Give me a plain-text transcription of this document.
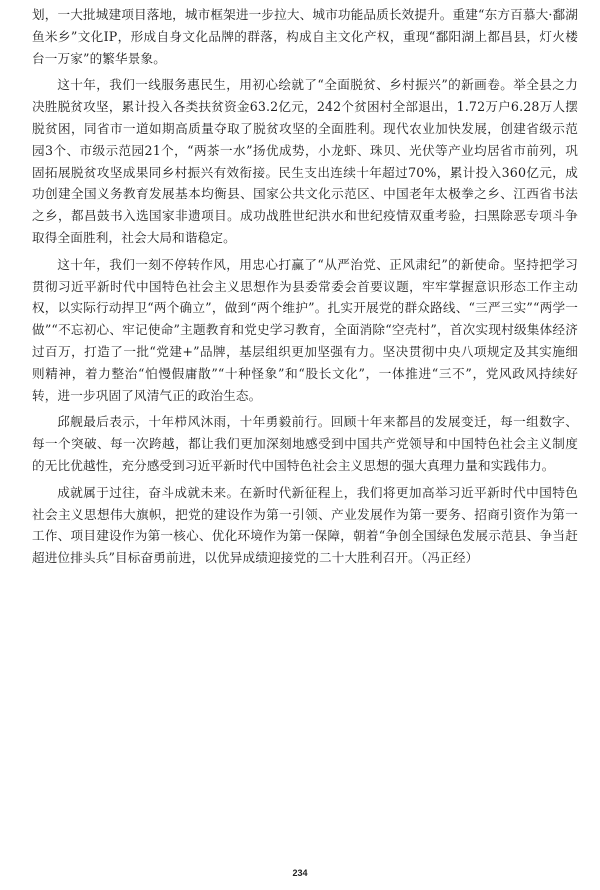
划，一大批城建项目落地，城市框架进一步拉大、城市功能品质长效提升。重建“东方百慕大·鄱湖鱼米乡”文化IP，形成自身文化品牌的群落，构成自主文化产权，重现“鄱阳湖上都昌县，灯火楼台一万家”的繁华景象。

这十年，我们一线服务惠民生，用初心绘就了“全面脱贫、乡村振兴”的新画卷。举全县之力决胜脱贫攻坚，累计投入各类扶贫资金63.2亿元，242个贫困村全部退出，1.72万户6.28万人摆脱贫困，同省市一道如期高质量夺取了脱贫攻坚的全面胜利。现代农业加快发展，创建省级示范园3个、市级示范园21个，“两茶一水”扬优成势，小龙虾、珠贝、光伏等产业均居省市前列，巩固拓展脱贫攻坚成果同乡村振兴有效衔接。民生支出连续十年超过70%，累计投入360亿元，成功创建全国义务教育发展基本均衡县、国家公共文化示范区、中国老年太极拳之乡、江西省书法之乡，都昌鼓书入选国家非遗项目。成功战胜世纪洪水和世纪疫情双重考验，扫黑除恶专项斗争取得全面胜利，社会大局和谐稳定。

这十年，我们一刻不停转作风，用忠心打赢了“从严治党、正风肃纪”的新使命。坚持把学习贯彻习近平新时代中国特色社会主义思想作为县委常委会首要议题，牢牢掌握意识形态工作主动权，以实际行动捍卫“两个确立”，做到“两个维护”。扎实开展党的群众路线、“三严三实”“两学一做”“不忘初心、牢记使命”主题教育和党史学习教育，全面消除“空壳村”，首次实现村级集体经济过百万，打造了一批“党建+”品牌，基层组织更加坚强有力。坚决贯彻中央八项规定及其实施细则精神，着力整治“怕慢假庸散”“十种怪象”和“股长文化”，一体推进“三不”，党风政风持续好转，进一步巩固了风清气正的政治生态。

邱舰最后表示，十年栉风沐雨，十年勇毅前行。回顾十年来都昌的发展变迁，每一组数字、每一个突破、每一次跨越，都让我们更加深刻地感受到中国共产党领导和中国特色社会主义制度的无比优越性，充分感受到习近平新时代中国特色社会主义思想的强大真理力量和实践伟力。

成就属于过往，奋斗成就未来。在新时代新征程上，我们将更加高举习近平新时代中国特色社会主义思想伟大旗帜，把党的建设作为第一引领、产业发展作为第一要务、招商引资作为第一工作、项目建设作为第一核心、优化环境作为第一保障，朝着“争创全国绿色发展示范县、争当赶超进位排头兵”目标奋勇前进，以优异成绩迎接党的二十大胜利召开。（冯正经）

234
